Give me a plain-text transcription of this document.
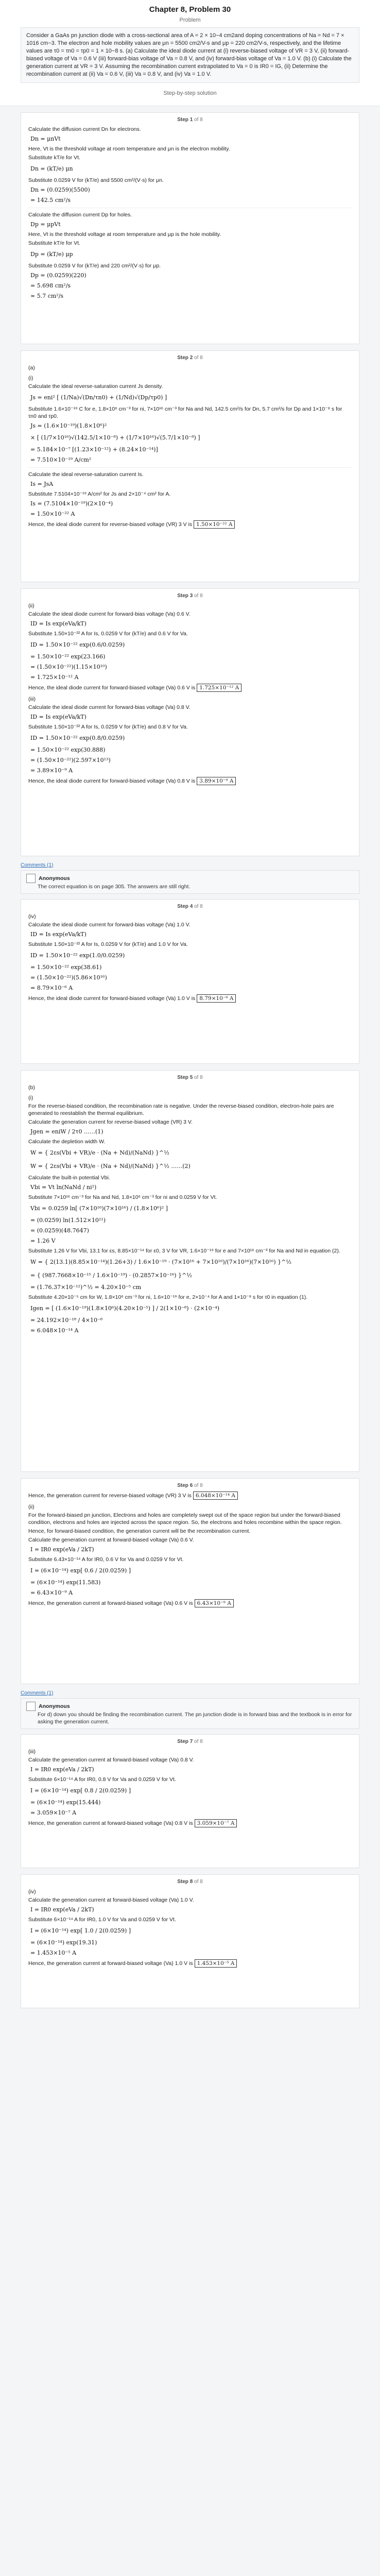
Chapter 8, Problem 30
Problem
Consider a GaAs pn junction diode with a cross-sectional area of A = 2 × 10−4 cm2and doping concentrations of Na = Nd = 7 × 1016 cm−3. The electron and hole mobility values are μn = 5500 cm2/V-s and μp = 220 cm2/V-s, respectively, and the lifetime values are τ0 = τn0 = τp0 = 1 × 10−8 s. (a) Calculate the ideal diode current at (i) reverse-biased voltage of VR = 3 V, (ii) forward-biased voltage of Va = 0.6 V (iii) forward-bias voltage of Va = 0.8 V, and (iv) forward-bias voltage of Va = 1.0 V. (b) (i) Calculate the generation current at VR = 3 V. Assuming the recombination current extrapolated to Va = 0 is IR0 = IG, (ii) Determine the recombination current at (ii) Va = 0.6 V, (iii) Va = 0.8 V, and (iv) Va = 1.0 V.
Step-by-step solution
Step 1 of 8
Calculate the diffusion current Dn for electrons.
Dn = μnVt
Here, Vt is the threshold voltage at room temperature and μn is the electron mobility.
Substitute kT/e for Vt.
Dn = (kT/e) μn
Substitute 0.0259 V for (kT/e) and 5500 cm²/(V·s) for μn.
Dn = (0.0259)(5500)
= 142.5 cm²/s
Calculate the diffusion current Dp for holes.
Dp = μpVt
Here, Vt is the threshold voltage at room temperature and μp is the hole mobility.
Substitute kT/e for Vt.
Dp = (kT/e) μp
Substitute 0.0259 V for (kT/e) and 220 cm²/(V·s) for μp.
Dp = (0.0259)(220)
= 5.698 cm²/s
≈ 5.7 cm²/s
Step 2 of 8
(a)
(i)
Calculate the ideal reverse-saturation current Js density.
Js = eni² [ (1/Na)√(Dn/τn0) + (1/Nd)√(Dp/τp0) ]
Substitute 1.6×10⁻¹⁹ C for e, 1.8×10⁶ cm⁻³ for ni, 7×10¹⁶ cm⁻³ for Na and Nd, 142.5 cm²/s for Dn, 5.7 cm²/s for Dp and 1×10⁻⁸ s for τn0 and τp0.
Js = (1.6×10⁻¹⁹)(1.8×10⁶)²
× [ (1/7×10¹⁶)√(142.5/1×10⁻⁸) + (1/7×10¹⁶)√(5.7/1×10⁻⁸) ]
= 5.184×10⁻⁷ [(1.23×10⁻¹²) + (8.24×10⁻¹⁴)]
= 7.510×10⁻¹⁹ A/cm²
Calculate the ideal reverse-saturation current Is.
Is = JsA
Substitute 7.5104×10⁻¹⁹ A/cm² for Js and 2×10⁻⁴ cm² for A.
Is = (7.5104×10⁻¹⁹)(2×10⁻⁴)
= 1.50×10⁻²² A
Hence, the ideal diode current for reverse-biased voltage (VR) 3 V is 1.50×10⁻²² A
Step 3 of 8
(ii)
Calculate the ideal diode current for forward-bias voltage (Va) 0.6 V.
ID = Is exp(eVa/kT)
Substitute 1.50×10⁻²² A for Is, 0.0259 V for (kT/e) and 0.6 V for Va.
ID = 1.50×10⁻²² exp(0.6/0.0259)
= 1.50×10⁻²² exp(23.166)
= (1.50×10⁻²²)(1.15×10¹⁰)
= 1.725×10⁻¹² A
Hence, the ideal diode current for forward-biased voltage (Va) 0.6 V is 1.725×10⁻¹² A
(iii)
Calculate the ideal diode current for forward-bias voltage (Va) 0.8 V.
ID = Is exp(eVa/kT)
Substitute 1.50×10⁻²² A for Is, 0.0259 V for (kT/e) and 0.8 V for Va.
ID = 1.50×10⁻²² exp(0.8/0.0259)
= 1.50×10⁻²² exp(30.888)
= (1.50×10⁻²²)(2.597×10¹³)
= 3.89×10⁻⁹ A
Hence, the ideal diode current for forward-biased voltage (Va) 0.8 V is 3.89×10⁻⁹ A
Comments (1)
Anonymous
The correct equation is on page 305. The answers are still right.
Step 4 of 8
(iv)
Calculate the ideal diode current for forward-bias voltage (Va) 1.0 V.
ID = Is exp(eVa/kT)
Substitute 1.50×10⁻²² A for Is, 0.0259 V for (kT/e) and 1.0 V for Va.
ID = 1.50×10⁻²² exp(1.0/0.0259)
= 1.50×10⁻²² exp(38.61)
= (1.50×10⁻²²)(5.86×10¹⁶)
= 8.79×10⁻⁶ A
Hence, the ideal diode current for forward-biased voltage (Va) 1.0 V is 8.79×10⁻⁶ A
Step 5 of 8
(b)
(i)
For the reverse-biased condition, the recombination rate is negative. Under the reverse-biased condition, electron-hole pairs are generated to reestablish the thermal equilibrium.
Calculate the generation current for reverse-biased voltage (VR) 3 V.
Jgen = eniW / 2τ0 ……(1)
Calculate the depletion width W.
W = { 2εs(Vbi + VR)/e · (Na + Nd)/(NaNd) }^½
W = { 2εs(Vbi + VR)/e · (Na + Nd)/(NaNd) }^½ ……(2)
Calculate the built-in potential Vbi.
Vbi = Vt ln(NaNd / ni²)
Substitute 7×10¹⁶ cm⁻³ for Na and Nd, 1.8×10⁶ cm⁻³ for ni and 0.0259 V for Vt.
Vbi = 0.0259 ln[ (7×10¹⁶)(7×10¹⁶) / (1.8×10⁶)² ]
= (0.0259) ln(1.512×10²¹)
= (0.0259)(48.7647)
= 1.26 V
Substitute 1.26 V for Vbi, 13.1 for εs, 8.85×10⁻¹⁴ for ε0, 3 V for VR, 1.6×10⁻¹⁹ for e and 7×10¹⁶ cm⁻³ for Na and Nd in equation (2).
W = { 2(13.1)(8.85×10⁻¹⁴)(1.26+3) / 1.6×10⁻¹⁹ · (7×10¹⁶ + 7×10¹⁶)/(7×10¹⁶)(7×10¹⁶) }^½
= { (987.7668×10⁻¹⁵ / 1.6×10⁻¹⁹) · (0.2857×10⁻¹⁶) }^½
= (1.76.37×10⁻¹²)^½ = 4.20×10⁻⁵ cm
Substitute 4.20×10⁻⁵ cm for W, 1.8×10⁶ cm⁻³ for ni, 1.6×10⁻¹⁹ for e, 2×10⁻⁴ for A and 1×10⁻⁸ s for τ0 in equation (1).
Igen = [ (1.6×10⁻¹⁹)(1.8×10⁶)(4.20×10⁻⁵) ] / 2(1×10⁻⁸) · (2×10⁻⁴)
= 24.192×10⁻¹⁸ / 4×10⁻⁸
= 6.048×10⁻¹⁴ A
Step 6 of 8
Hence, the generation current for reverse-biased voltage (VR) 3 V is 6.048×10⁻¹⁴ A
(ii)
For the forward-biased pn junction, Electrons and holes are completely swept out of the space region but under the forward-biased condition, electrons and holes are injected across the space region. So, the electrons and holes recombine within the space region.
Hence, for forward-biased condition, the generation current will be the recombination current.
Calculate the generation current at forward-biased voltage (Va) 0.6 V.
I = IR0 exp(eVa / 2kT)
Substitute 6.43×10⁻¹⁴ A for IR0, 0.6 V for Va and 0.0259 V for Vt.
I = (6×10⁻¹⁴) exp[ 0.6 / 2(0.0259) ]
= (6×10⁻¹⁴) exp(11.583)
= 6.43×10⁻⁹ A
Hence, the generation current at forward-biased voltage (Va) 0.6 V is 6.43×10⁻⁹ A
Comments (1)
Anonymous
For d) down you should be finding the recombination current. The pn junction diode is in forward bias and the textbook is in error for asking the generation current.
Step 7 of 8
(iii)
Calculate the generation current at forward-biased voltage (Va) 0.8 V.
I = IR0 exp(eVa / 2kT)
Substitute 6×10⁻¹⁴ A for IR0, 0.8 V for Va and 0.0259 V for Vt.
I = (6×10⁻¹⁴) exp[ 0.8 / 2(0.0259) ]
= (6×10⁻¹⁴) exp(15.444)
= 3.059×10⁻⁷ A
Hence, the generation current at forward-biased voltage (Va) 0.8 V is 3.059×10⁻⁷ A
Step 8 of 8
(iv)
Calculate the generation current at forward-biased voltage (Va) 1.0 V.
I = IR0 exp(eVa / 2kT)
Substitute 6×10⁻¹⁴ A for IR0, 1.0 V for Va and 0.0259 V for Vt.
I = (6×10⁻¹⁴) exp[ 1.0 / 2(0.0259) ]
= (6×10⁻¹⁴) exp(19.31)
= 1.453×10⁻⁵ A
Hence, the generation current at forward-biased voltage (Va) 1.0 V is 1.453×10⁻⁵ A
